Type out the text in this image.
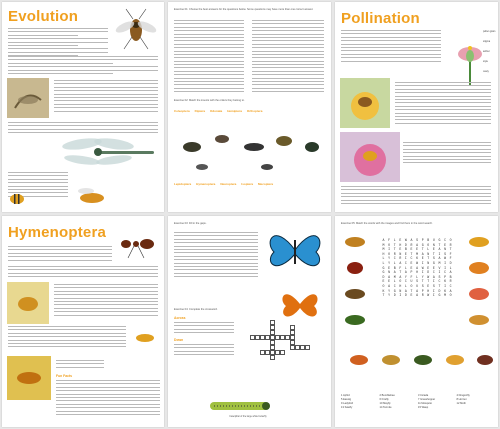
Evolution	Exercise 01: Choose the best answers for the questions below. Some questions may have more than one correct answer.
Exercise 02: Match the insects with the orders they belong to.
Coleoptera Diptera Odonata Hemiptera Orthoptera
Lepidoptera Hymenoptera Neuroptera Isoptera Mecoptera
Pollination
pollen grain
stigma
anther
style
ovary
Hymenoptera
Fun Facts
Exercise 03: Fill in the gaps.
Exercise 04: Complete the crossword.
Across
Down
Caterpillar of the large white butterfly
Exercise 05: Match the words with the images and find them in the word search.
A	F	L	E	W	A	S	P	B	U	G	C	O
M	O	T	H	D	R	A	G	O	N	T	E	R
M	I	T	E	B	E	E	T	L	E	A	N	T
H	O	R	N	E	T	M	A	N	T	I	S	F
L	Y	C	R	I	C	K	E	T	S	A	W	F
L	Y	L	A	C	E	W	I	N	G	M	I	D
G	E	B	F	L	E	A	W	E	E	V	I	L
G	N	A	T	A	P	H	I	D	C	I	C	A
D	A	M	A	Y	F	L	Y	W	A	S	P	B
E	E	L	O	C	U	S	T	T	I	C	K	R
O	A	C	H	L	O	U	S	E	S	T	I	C
K	Y	G	N	A	T	A	P	H	I	D	K	A
T	Y	D	I	D	E	A	R	W	I	G	M	O
1 Aphid	2 Bumblebee	3 Cicada	4 Dragonfly
5 Earwig	6 Firefly	7 Grasshopper	8 Hornet
9 Ladybird	10 Mayfly	11 Mosquito	12 Moth
13 Sawfly	14 Termite	15 Wasp
